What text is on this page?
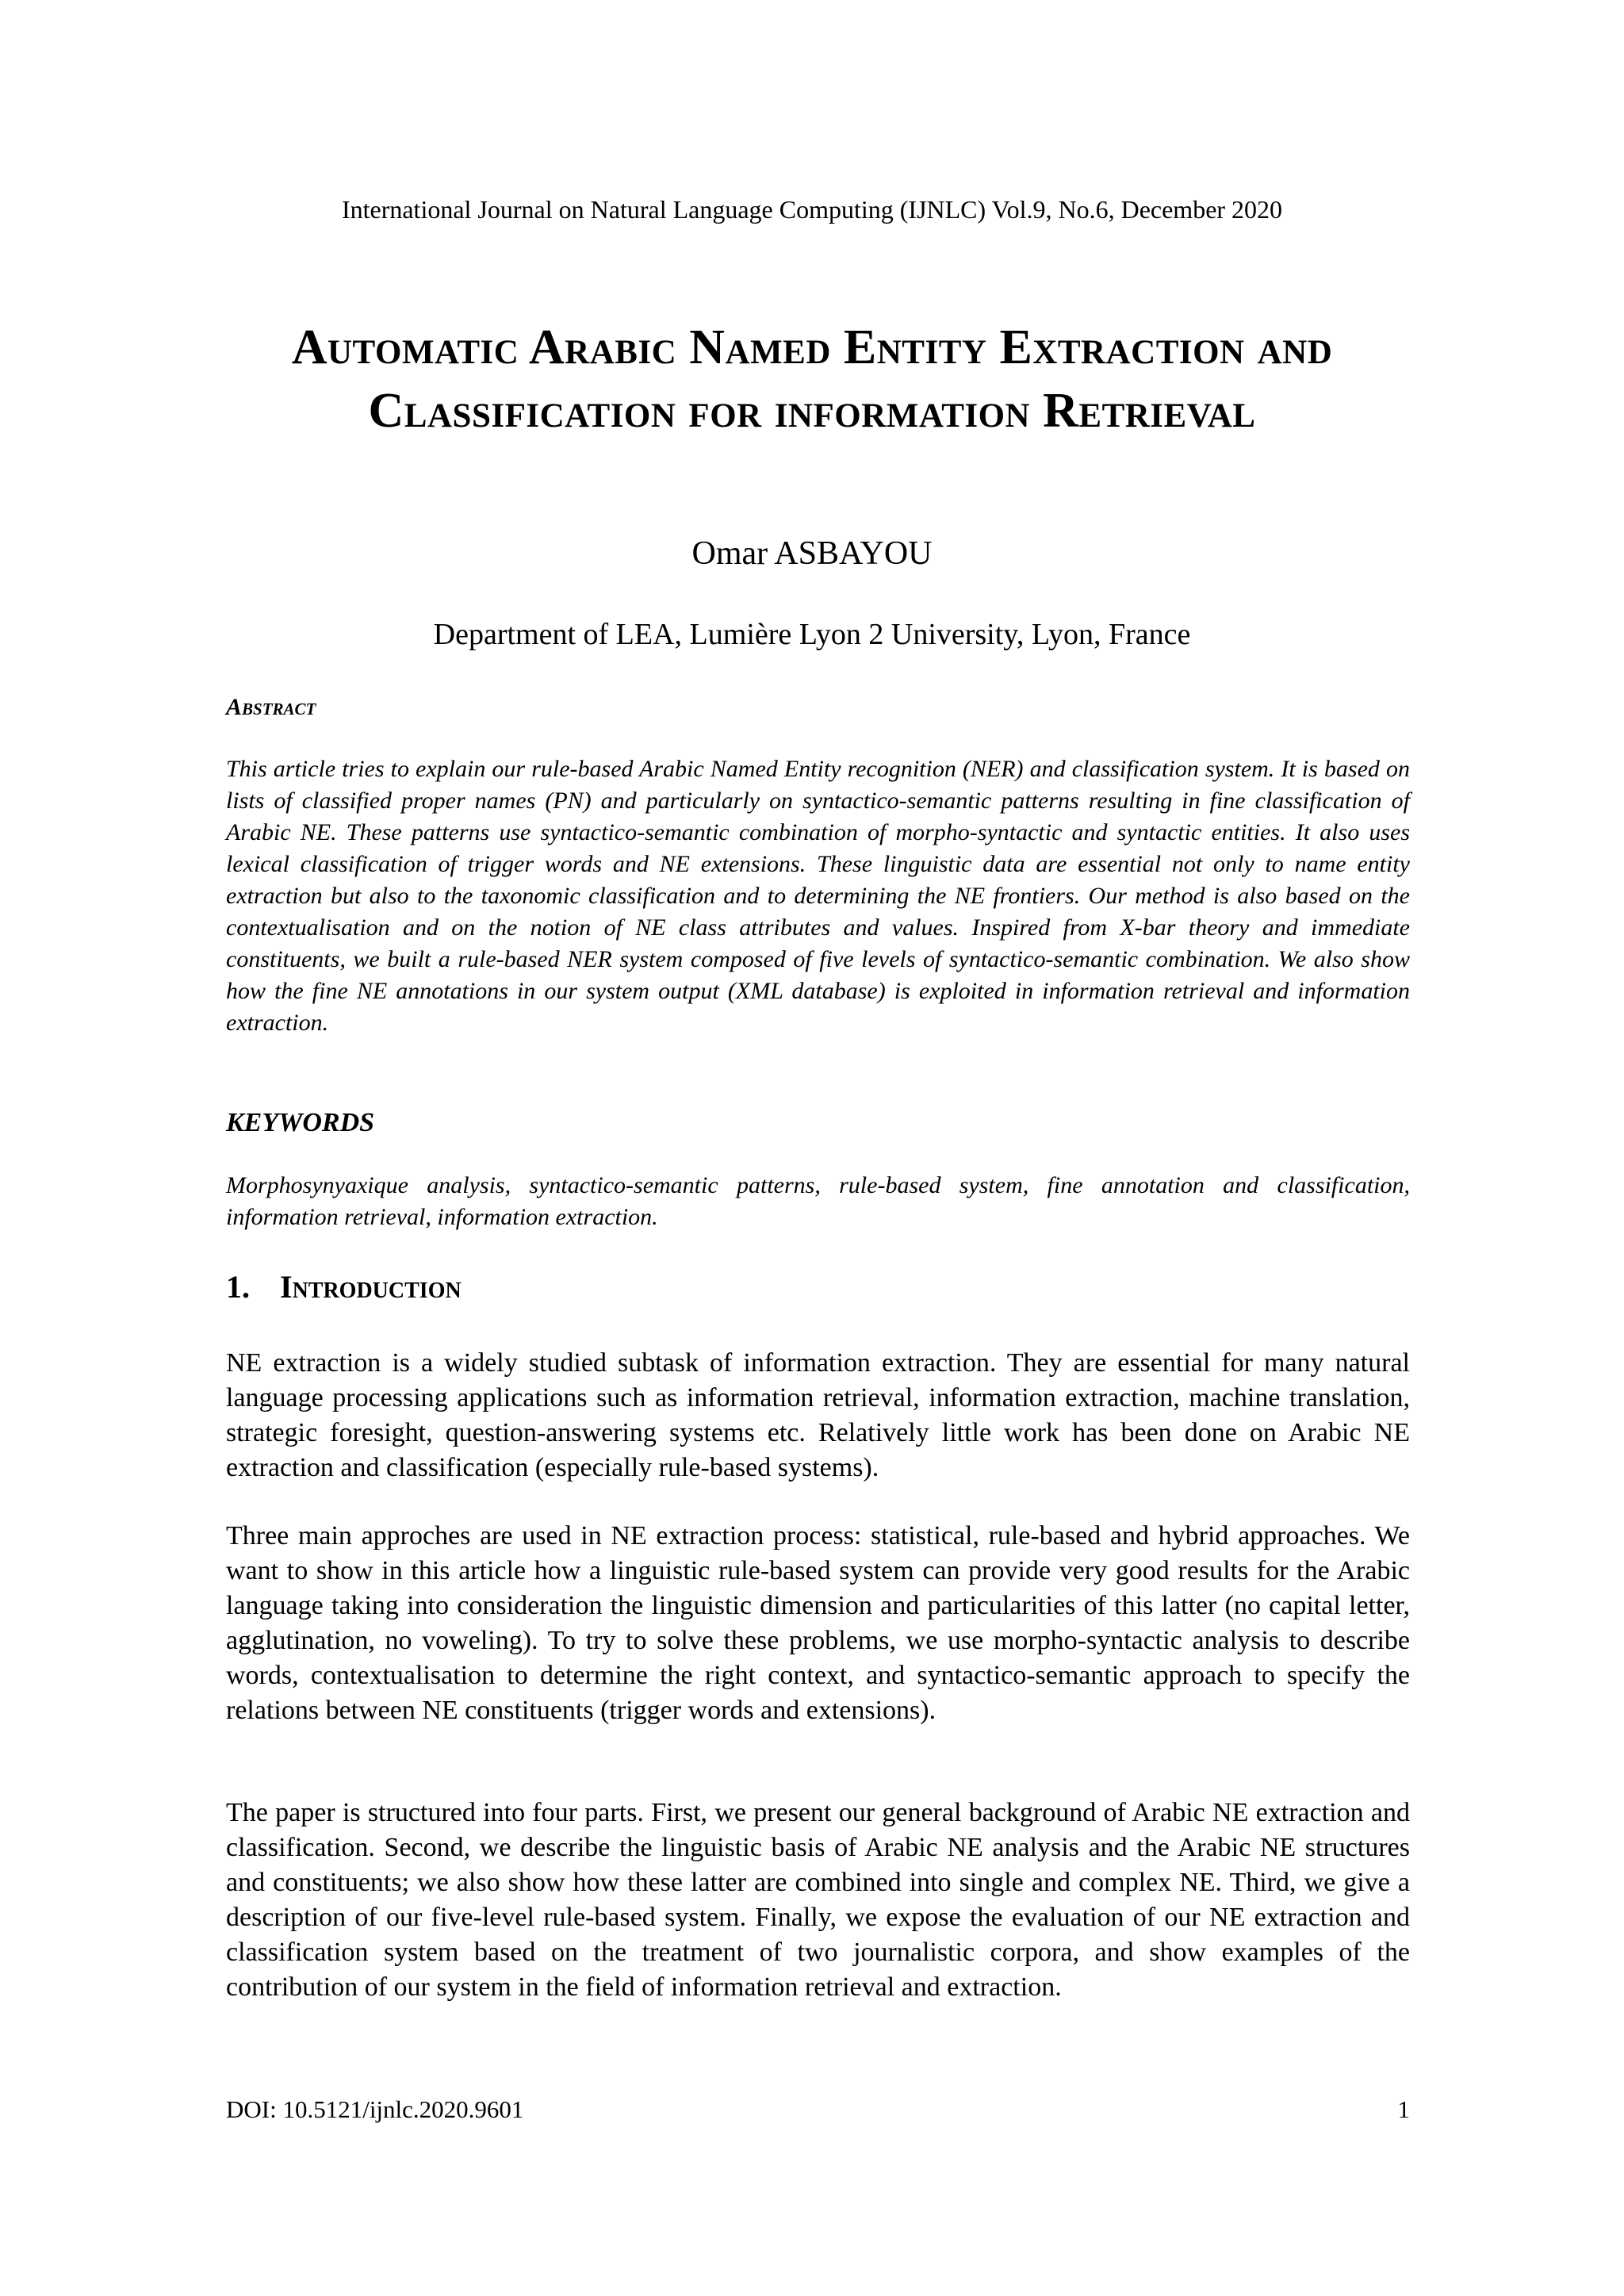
International Journal on Natural Language Computing (IJNLC) Vol.9, No.6, December 2020
Automatic Arabic Named Entity Extraction and Classification for information Retrieval
Omar ASBAYOU
Department of LEA, Lumière Lyon 2 University, Lyon, France
Abstract
This article tries to explain our rule-based Arabic Named Entity recognition (NER) and classification system. It is based on lists of classified proper names (PN) and particularly on syntactico-semantic patterns resulting in fine classification of Arabic NE. These patterns use syntactico-semantic combination of morpho-syntactic and syntactic entities. It also uses lexical classification of trigger words and NE extensions. These linguistic data are essential not only to name entity extraction but also to the taxonomic classification and to determining the NE frontiers. Our method is also based on the contextualisation and on the notion of NE class attributes and values. Inspired from X-bar theory and immediate constituents, we built a rule-based NER system composed of five levels of syntactico-semantic combination. We also show how the fine NE annotations in our system output (XML database) is exploited in information retrieval and information extraction.
KEYWORDS
Morphosynyaxique analysis, syntactico-semantic patterns, rule-based system, fine annotation and classification, information retrieval, information extraction.
1. Introduction
NE extraction is a widely studied subtask of information extraction. They are essential for many natural language processing applications such as information retrieval, information extraction, machine translation, strategic foresight, question-answering systems etc. Relatively little work has been done on Arabic NE extraction and classification (especially rule-based systems).
Three main approches are used in NE extraction process: statistical, rule-based and hybrid approaches. We want to show in this article how a linguistic rule-based system can provide very good results for the Arabic language taking into consideration the linguistic dimension and particularities of this latter (no capital letter, agglutination, no voweling). To try to solve these problems, we use morpho-syntactic analysis to describe words, contextualisation to determine the right context, and syntactico-semantic approach to specify the relations between NE constituents (trigger words and extensions).
The paper is structured into four parts. First, we present our general background of Arabic NE extraction and classification. Second, we describe the linguistic basis of Arabic NE analysis and the Arabic NE structures and constituents; we also show how these latter are combined into single and complex NE. Third, we give a description of our five-level rule-based system. Finally, we expose the evaluation of our NE extraction and classification system based on the treatment of two journalistic corpora, and show examples of the contribution of our system in the field of information retrieval and extraction.
DOI: 10.5121/ijnlc.2020.9601	1
